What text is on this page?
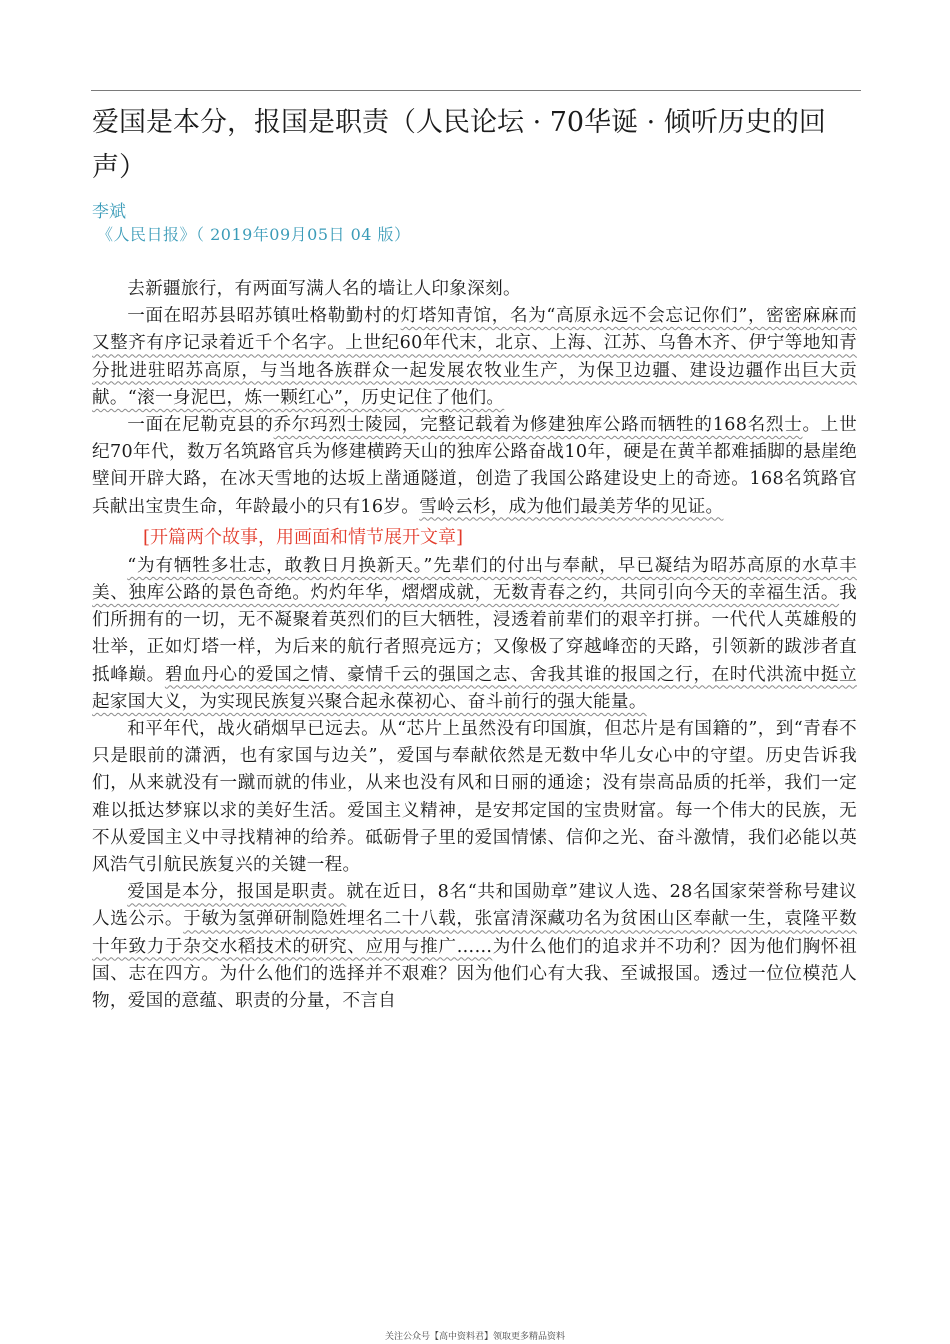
爱国是本分，报国是职责（人民论坛 · 70华诞 · 倾听历史的回声）
李斌
《人民日报》（ 2019年09月05日 04 版）

去新疆旅行，有两面写满人名的墙让人印象深刻。

一面在昭苏县昭苏镇吐格勒勤村的灯塔知青馆，名为“高原永远不会忘记你们”，密密麻麻而又整齐有序记录着近千个名字。上世纪60年代末，北京、上海、江苏、乌鲁木齐、伊宁等地知青分批进驻昭苏高原，与当地各族群众一起发展农牧业生产，为保卫边疆、建设边疆作出巨大贡献。“滚一身泥巴，炼一颗红心”，历史记住了他们。

一面在尼勒克县的乔尔玛烈士陵园，完整记载着为修建独库公路而牺牲的168名烈士。上世纪70年代，数万名筑路官兵为修建横跨天山的独库公路奋战10年，硬是在黄羊都难插脚的悬崖绝壁间开辟大路，在冰天雪地的达坂上凿通隧道，创造了我国公路建设史上的奇迹。168名筑路官兵献出宝贵生命，年龄最小的只有16岁。雪岭云杉，成为他们最美芳华的见证。

[开篇两个故事，用画面和情节展开文章]

“为有牺牲多壮志，敢教日月换新天。”先辈们的付出与奉献，早已凝结为昭苏高原的水草丰美、独库公路的景色奇绝。灼灼年华，熠熠成就，无数青春之约，共同引向今天的幸福生活。我们所拥有的一切，无不凝聚着英烈们的巨大牺牲，浸透着前辈们的艰辛打拼。一代代人英雄般的壮举，正如灯塔一样，为后来的航行者照亮远方；又像极了穿越峰峦的天路，引领新的跋涉者直抵峰巅。碧血丹心的爱国之情、豪情千云的强国之志、舍我其谁的报国之行，在时代洪流中挺立起家国大义，为实现民族复兴聚合起永葆初心、奋斗前行的强大能量。

和平年代，战火硝烟早已远去。从“芯片上虽然没有印国旗，但芯片是有国籍的”，到“青春不只是眼前的潇洒，也有家国与边关”，爱国与奉献依然是无数中华儿女心中的守望。历史告诉我们，从来就没有一蹴而就的伟业，从来也没有风和日丽的通途；没有崇高品质的托举，我们一定难以抵达梦寐以求的美好生活。爱国主义精神，是安邦定国的宝贵财富。每一个伟大的民族，无不从爱国主义中寻找精神的给养。砥砺骨子里的爱国情愫、信仰之光、奋斗激情，我们必能以英风浩气引航民族复兴的关键一程。

爱国是本分，报国是职责。就在近日，8名“共和国勋章”建议人选、28名国家荣誉称号建议人选公示。于敏为氢弹研制隐姓埋名二十八载，张富清深藏功名为贫困山区奉献一生，袁隆平数十年致力于杂交水稻技术的研究、应用与推广……为什么他们的追求并不功利？因为他们胸怀祖国、志在四方。为什么他们的选择并不艰难？因为他们心有大我、至诚报国。透过一位位模范人物，爱国的意蕴、职责的分量，不言自

关注公众号【高中资料君】领取更多精品资料
